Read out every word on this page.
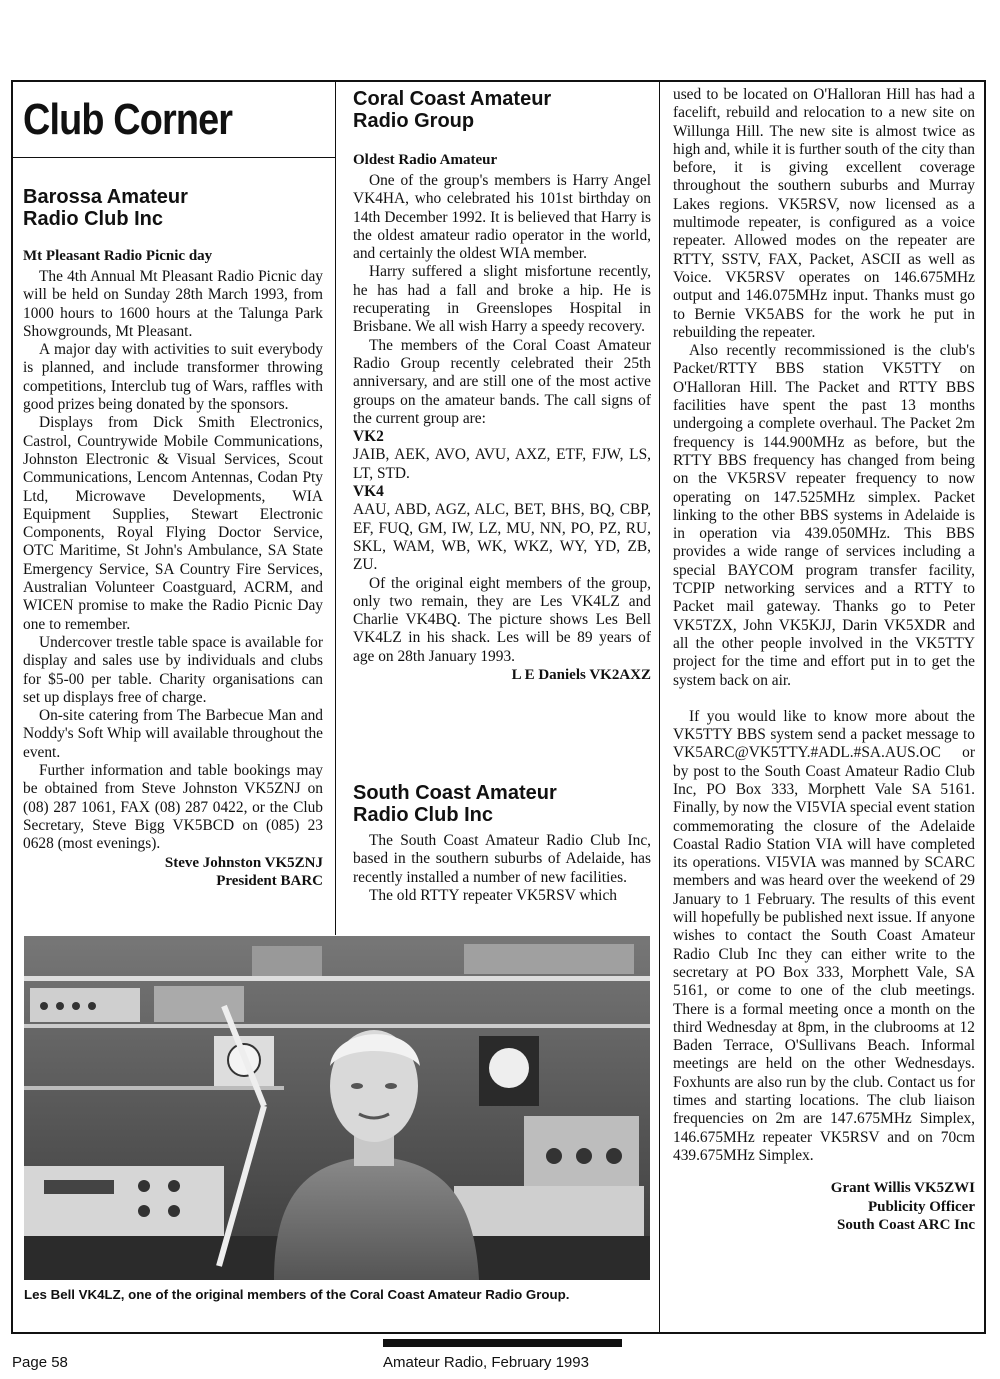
Club Corner
Barossa Amateur
Radio Club Inc

Mt Pleasant Radio Picnic day

The 4th Annual Mt Pleasant Radio Picnic day will be held on Sunday 28th March 1993, from 1000 hours to 1600 hours at the Talunga Park Showgrounds, Mt Pleasant.

A major day with activities to suit everybody is planned, and include transformer throwing competitions, Interclub tug of Wars, raffles with good prizes being donated by the sponsors.

Displays from Dick Smith Electronics, Castrol, Countrywide Mobile Communications, Johnston Electronic & Visual Services, Scout Communications, Lencom Antennas, Codan Pty Ltd, Microwave Developments, WIA Equipment Supplies, Stewart Electronic Components, Royal Flying Doctor Service, OTC Maritime, St John's Ambulance, SA State Emergency Service, SA Country Fire Services, Australian Volunteer Coastguard, ACRM, and WICEN promise to make the Radio Picnic Day one to remember.

Undercover trestle table space is available for display and sales use by individuals and clubs for $5-00 per table. Charity organisations can set up displays free of charge.

On-site catering from The Barbecue Man and Noddy's Soft Whip will available throughout the event.

Further information and table bookings may be obtained from Steve Johnston VK5ZNJ on (08) 287 1061, FAX (08) 287 0422, or the Club Secretary, Steve Bigg VK5BCD on (085) 23 0628 (most evenings).

Steve Johnston VK5ZNJ

President BARC

Coral Coast Amateur
Radio Group

Oldest Radio Amateur

One of the group's members is Harry Angel VK4HA, who celebrated his 101st birthday on 14th December 1992. It is believed that Harry is the oldest amateur radio operator in the world, and certainly the oldest WIA member.

Harry suffered a slight misfortune recently, he has had a fall and broke a hip. He is recuperating in Greenslopes Hospital in Brisbane. We all wish Harry a speedy recovery.

The members of the Coral Coast Amateur Radio Group recently celebrated their 25th anniversary, and are still one of the most active groups on the amateur bands. The call signs of the current group are:

VK2

JAIB, AEK, AVO, AVU, AXZ, ETF, FJW, LS, LT, STD.

VK4

AAU, ABD, AGZ, ALC, BET, BHS, BQ, CBP, EF, FUQ, GM, IW, LZ, MU, NN, PO, PZ, RU, SKL, WAM, WB, WK, WKZ, WY, YD, ZB, ZU.

Of the original eight members of the group, only two remain, they are Les VK4LZ and Charlie VK4BQ. The picture shows Les Bell VK4LZ in his shack. Les will be 89 years of age on 28th January 1993.

L E Daniels VK2AXZ

South Coast Amateur
Radio Club Inc

The South Coast Amateur Radio Club Inc, based in the southern suburbs of Adelaide, has recently installed a number of new facilities.

The old RTTY repeater VK5RSV which

used to be located on O'Halloran Hill has had a facelift, rebuild and relocation to a new site on Willunga Hill. The new site is almost twice as high and, while it is further south of the city than before, it is giving excellent coverage throughout the southern suburbs and Murray Lakes regions. VK5RSV, now licensed as a multimode repeater, is configured as a voice repeater. Allowed modes on the repeater are RTTY, SSTV, FAX, Packet, ASCII as well as Voice. VK5RSV operates on 146.675MHz output and 146.075MHz input. Thanks must go to Bernie VK5ABS for the work he put in rebuilding the repeater.

Also recently recommissioned is the club's Packet/RTTY BBS station VK5TTY on O'Halloran Hill. The Packet and RTTY BBS facilities have spent the past 13 months undergoing a complete overhaul. The Packet 2m frequency is 144.900MHz as before, but the RTTY BBS frequency has changed from being on the VK5RSV repeater frequency to now operating on 147.525MHz simplex. Packet linking to the other BBS systems in Adelaide is in operation via 439.050MHz. This BBS provides a wide range of services including a special BAYCOM program transfer facility, TCPIP networking services and a RTTY to Packet mail gateway. Thanks go to Peter VK5TZX, John VK5KJJ, Darin VK5XDR and all the other people involved in the VK5TTY project for the time and effort put in to get the system back on air.

If you would like to know more about the VK5TTY BBS system send a packet message to VK5ARC@VK5TTY.#ADL.#SA.AUS.OC or by post to the South Coast Amateur Radio Club Inc, PO Box 333, Morphett Vale SA 5161. Finally, by now the VI5VIA special event station commemorating the closure of the Adelaide Coastal Radio Station VIA will have completed its operations. VI5VIA was manned by SCARC members and was heard over the weekend of 29 January to 1 February. The results of this event will hopefully be published next issue. If anyone wishes to contact the South Coast Amateur Radio Club Inc they can either write to the secretary at PO Box 333, Morphett Vale, SA 5161, or come to one of the club meetings. There is a formal meeting once a month on the third Wednesday at 8pm, in the clubrooms at 12 Baden Terrace, O'Sullivans Beach. Informal meetings are held on the other Wednesdays. Foxhunts are also run by the club. Contact us for times and starting locations. The club liaison frequencies on 2m are 147.675MHz Simplex, 146.675MHz repeater VK5RSV and on 70cm 439.675MHz Simplex.

Grant Willis VK5ZWI

Publicity Officer

South Coast ARC Inc

Les Bell VK4LZ, one of the original members of the Coral Coast Amateur Radio Group.
Page 58	Amateur Radio, February 1993
